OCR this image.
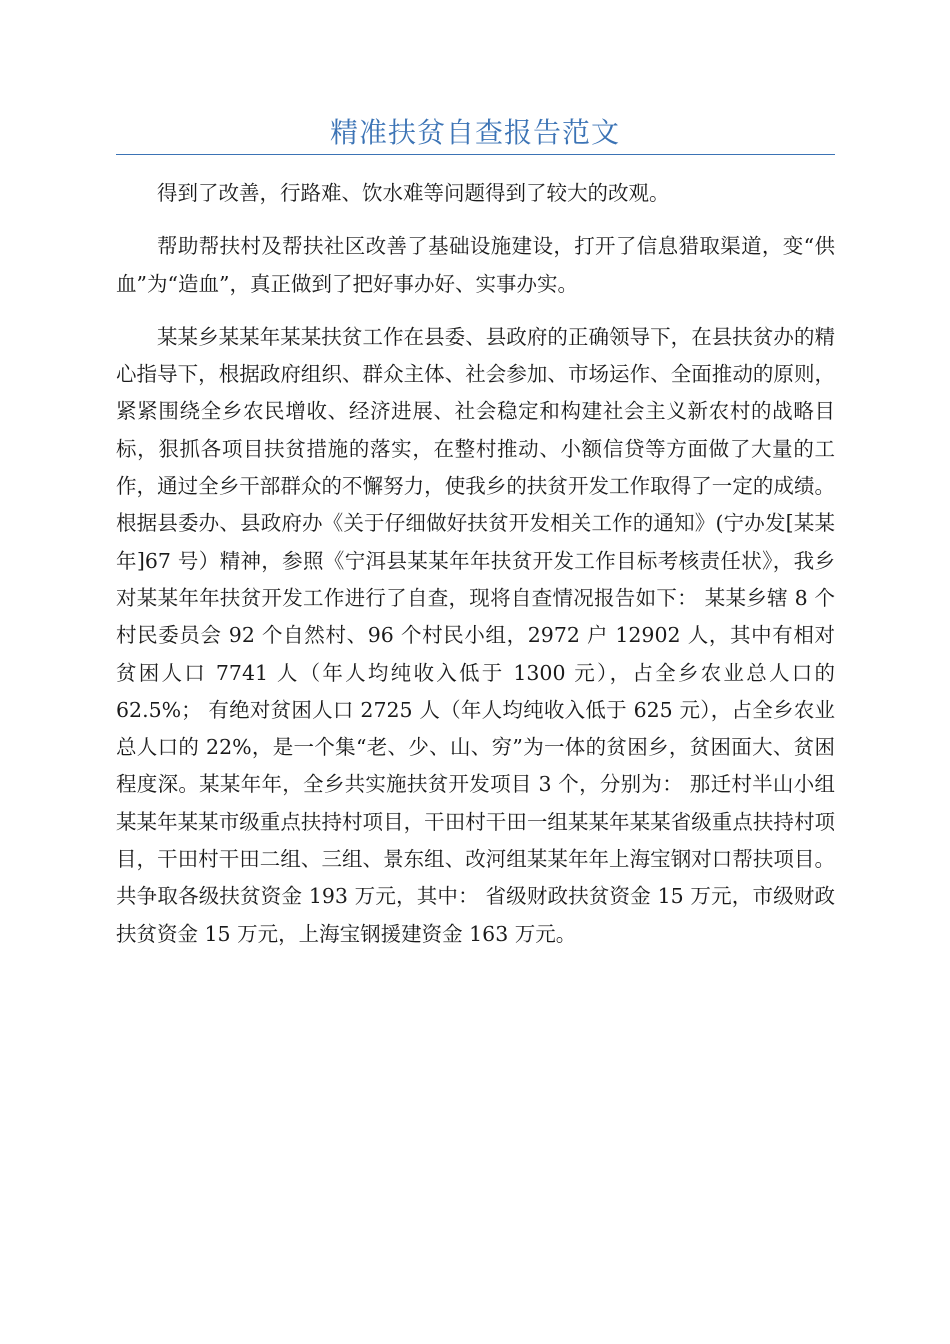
精准扶贫自查报告范文

得到了改善，行路难、饮水难等问题得到了较大的改观。

帮助帮扶村及帮扶社区改善了基础设施建设，打开了信息猎取渠道，变“供血”为“造血”，真正做到了把好事办好、实事办实。

某某乡某某年某某扶贫工作在县委、县政府的正确领导下，在县扶贫办的精心指导下，根据政府组织、群众主体、社会参加、市场运作、全面推动的原则，紧紧围绕全乡农民增收、经济进展、社会稳定和构建社会主义新农村的战略目标，狠抓各项目扶贫措施的落实，在整村推动、小额信贷等方面做了大量的工作，通过全乡干部群众的不懈努力，使我乡的扶贫开发工作取得了一定的成绩。根据县委办、县政府办《关于仔细做好扶贫开发相关工作的通知》(宁办发[某某年]67 号）精神，参照《宁洱县某某年年扶贫开发工作目标考核责任状》，我乡对某某年年扶贫开发工作进行了自查，现将自查情况报告如下： 某某乡辖 8 个村民委员会 92 个自然村、96 个村民小组，2972 户 12902 人，其中有相对贫困人口 7741 人（年人均纯收入低于 1300 元），占全乡农业总人口的 62.5%； 有绝对贫困人口 2725 人（年人均纯收入低于 625 元），占全乡农业总人口的 22%，是一个集“老、少、山、穷”为一体的贫困乡，贫困面大、贫困程度深。某某年年，全乡共实施扶贫开发项目 3 个，分别为： 那迁村半山小组某某年某某市级重点扶持村项目，干田村干田一组某某年某某省级重点扶持村项目，干田村干田二组、三组、景东组、改河组某某年年上海宝钢对口帮扶项目。共争取各级扶贫资金 193 万元，其中： 省级财政扶贫资金 15 万元，市级财政扶贫资金 15 万元，上海宝钢援建资金 163 万元。
